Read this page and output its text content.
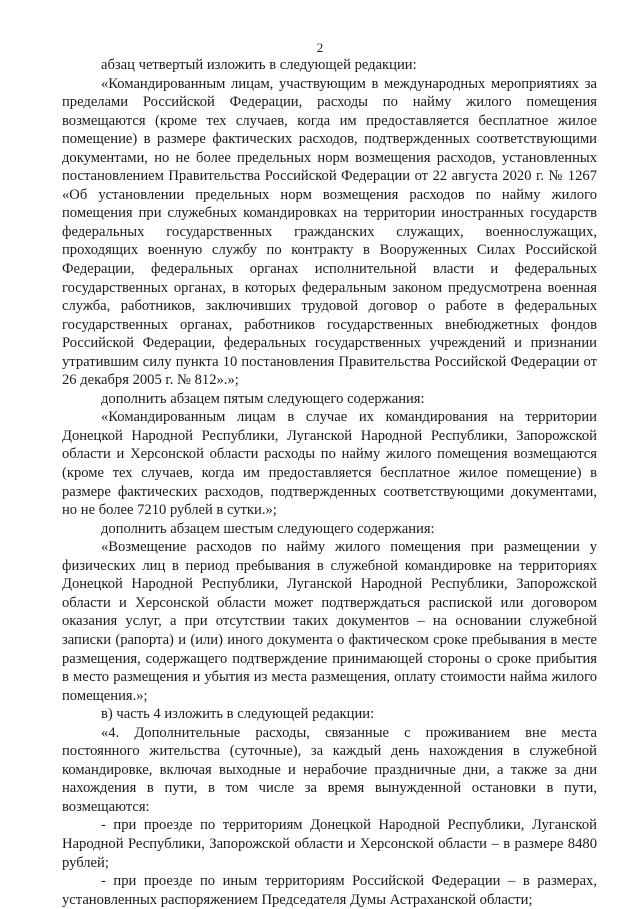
2

абзац четвертый изложить в следующей редакции:

«Командированным лицам, участвующим в международных мероприятиях за пределами Российской Федерации, расходы по найму жилого помещения возмещаются (кроме тех случаев, когда им предоставляется бесплатное жилое помещение) в размере фактических расходов, подтвержденных соответствующими документами, но не более предельных норм возмещения расходов, установленных постановлением Правительства Российской Федерации от 22 августа 2020 г. № 1267 «Об установлении предельных норм возмещения расходов по найму жилого помещения при служебных командировках на территории иностранных государств федеральных государственных гражданских служащих, военнослужащих, проходящих военную службу по контракту в Вооруженных Силах Российской Федерации, федеральных органах исполнительной власти и федеральных государственных органах, в которых федеральным законом предусмотрена военная служба, работников, заключивших трудовой договор о работе в федеральных государственных органах, работников государственных внебюджетных фондов Российской Федерации, федеральных государственных учреждений и признании утратившим силу пункта 10 постановления Правительства Российской Федерации от 26 декабря 2005 г. № 812».»;

дополнить абзацем пятым следующего содержания:

«Командированным лицам в случае их командирования на территории Донецкой Народной Республики, Луганской Народной Республики, Запорожской области и Херсонской области расходы по найму жилого помещения возмещаются (кроме тех случаев, когда им предоставляется бесплатное жилое помещение) в размере фактических расходов, подтвержденных соответствующими документами, но не более 7210 рублей в сутки.»;

дополнить абзацем шестым следующего содержания:

«Возмещение расходов по найму жилого помещения при размещении у физических лиц в период пребывания в служебной командировке на территориях Донецкой Народной Республики, Луганской Народной Республики, Запорожской области и Херсонской области может подтверждаться распиской или договором оказания услуг, а при отсутствии таких документов – на основании служебной записки (рапорта) и (или) иного документа о фактическом сроке пребывания в месте размещения, содержащего подтверждение принимающей стороны о сроке прибытия в место размещения и убытия из места размещения, оплату стоимости найма жилого помещения.»;

в) часть 4 изложить в следующей редакции:

«4. Дополнительные расходы, связанные с проживанием вне места постоянного жительства (суточные), за каждый день нахождения в служебной командировке, включая выходные и нерабочие праздничные дни, а также за дни нахождения в пути, в том числе за время вынужденной остановки в пути, возмещаются:

- при проезде по территориям Донецкой Народной Республики, Луганской Народной Республики, Запорожской области и Херсонской области – в размере 8480 рублей;

- при проезде по иным территориям Российской Федерации – в размерах, установленных распоряжением Председателя Думы Астраханской области;
